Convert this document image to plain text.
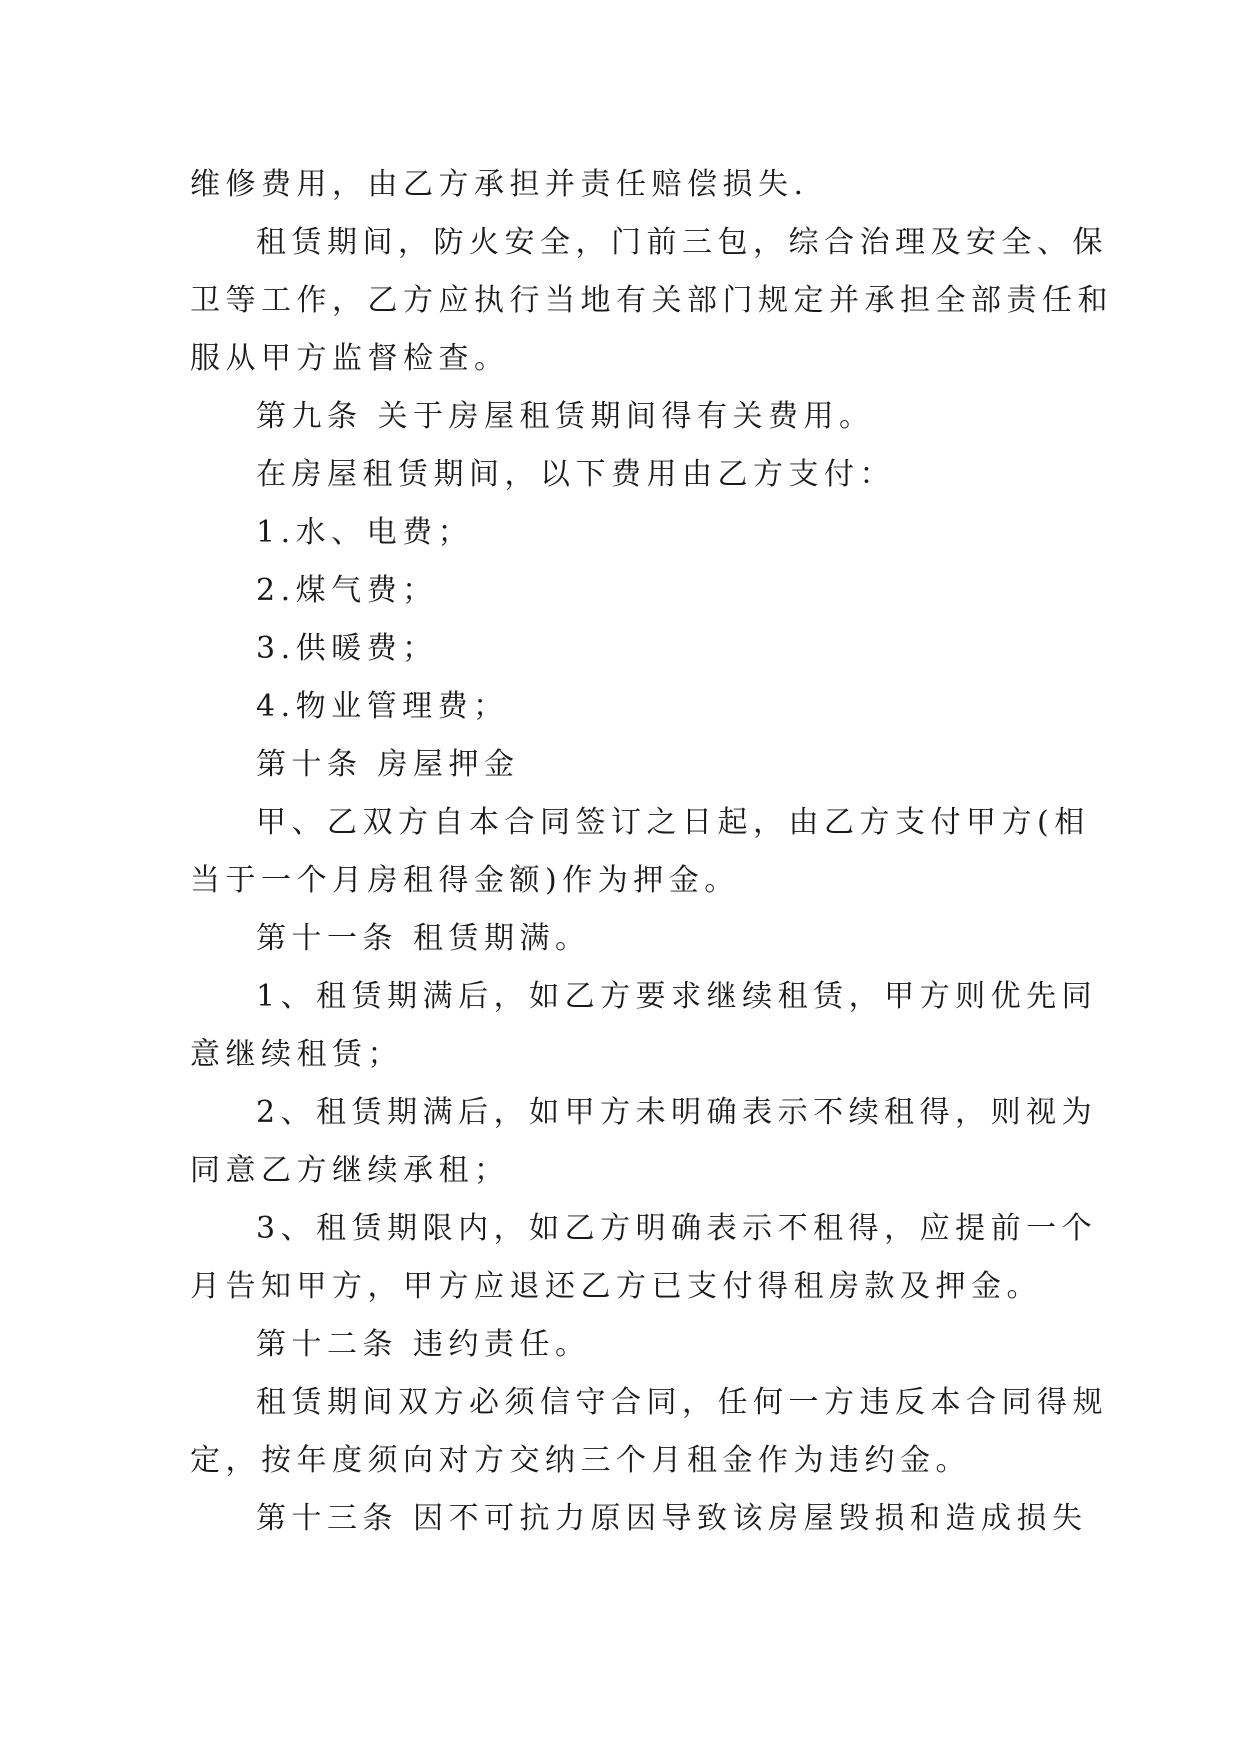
维修费用，由乙方承担并责任赔偿损失.
租赁期间，防火安全，门前三包，综合治理及安全、保
卫等工作，乙方应执行当地有关部门规定并承担全部责任和
服从甲方监督检查。
第九条 关于房屋租赁期间得有关费用。
在房屋租赁期间，以下费用由乙方支付：
1.水、电费；
2.煤气费；
3.供暖费；
4.物业管理费；
第十条 房屋押金
甲、乙双方自本合同签订之日起，由乙方支付甲方(相
当于一个月房租得金额)作为押金。
第十一条 租赁期满。
1、租赁期满后，如乙方要求继续租赁，甲方则优先同
意继续租赁；
2、租赁期满后，如甲方未明确表示不续租得，则视为
同意乙方继续承租；
3、租赁期限内，如乙方明确表示不租得，应提前一个
月告知甲方，甲方应退还乙方已支付得租房款及押金。
第十二条 违约责任。
租赁期间双方必须信守合同，任何一方违反本合同得规
定，按年度须向对方交纳三个月租金作为违约金。
第十三条 因不可抗力原因导致该房屋毁损和造成损失
